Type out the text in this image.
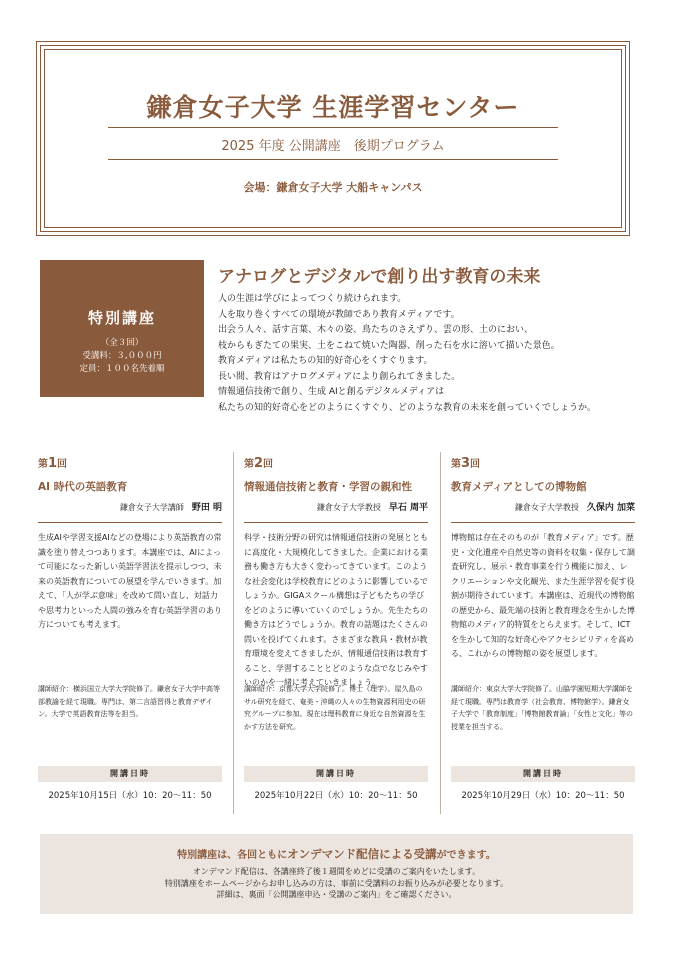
鎌倉女子大学 生涯学習センター
2025 年度 公開講座　後期プログラム
会場：鎌倉女子大学 大船キャンパス
特別講座
（全３回）
受講料：３,０００円
定員：１００名先着順
アナログとデジタルで創り出す教育の未来
人の生涯は学びによってつくり続けられます。
人を取り巻くすべての環境が教師であり教育メディアです。
出会う人々、話す言葉、木々の姿、鳥たちのさえずり、雲の形、土のにおい、
枝からもぎたての果実、土をこねて焼いた陶器、削った石を水に溶いて描いた景色。
教育メディアは私たちの知的好奇心をくすぐります。
長い間、教育はアナログメディアにより創られてきました。
情報通信技術で創り、生成 AIと創るデジタルメディアは
私たちの知的好奇心をどのようにくすぐり、どのような教育の未来を創っていくでしょうか。
第1回
AI 時代の英語教育
鎌倉女子大学講師　 野田 明
生成AIや学習支援AIなどの登場により英語教育の常識を塗り替えつつあります。本講座では、AIによって可能になった新しい英語学習法を提示しつつ、未来の英語教育についての展望を学んでいきます。加えて、「人が学ぶ意味」を改めて問い直し、対話力や思考力といった人間の強みを育む英語学習のあり方についても考えます。
講師紹介：横浜国立大学大学院修了。鎌倉女子大学中高等部教諭を経て現職。専門は、第二言語習得と教育デザイン。大学で英語教育法等を担当。
開講日時
2025年10月15日（水）10：20～11：50
第2回
情報通信技術と教育・学習の親和性
鎌倉女子大学教授　 早石 周平
科学・技術分野の研究は情報通信技術の発展とともに高度化・大規模化してきました。企業における業務も働き方も大きく変わってきています。このような社会変化は学校教育にどのように影響しているでしょうか。GIGAスクール構想は子どもたちの学びをどのように導いていくのでしょうか。先生たちの働き方はどうでしょうか。教育の話題はたくさんの問いを投げてくれます。さまざまな教具・教材が教育環境を変えてきましたが、情報通信技術は教育すること、学習することとどのような点でなじみやすいのかを一緒に考えていきましょう。
講師紹介：京都大学大学院修了。博士（理学）。屋久島のサル研究を経て、奄美・沖縄の人々の生物資源利用史の研究グループに参加。現在は理科教育に身近な自然資源を生かす方法を研究。
開講日時
2025年10月22日（水）10：20～11：50
第3回
教育メディアとしての博物館
鎌倉女子大学教授　 久保内 加菜
博物館は存在そのものが「教育メディア」です。歴史・文化遺産や自然史等の資料を収集・保存して調査研究し、展示・教育事業を行う機能に加え、レクリエーションや文化観光、また生涯学習を促す役割が期待されています。本講座は、近現代の博物館の歴史から、最先端の技術と教育理念を生かした博物館のメディア的特質をとらえます。そして、ICTを生かして知的な好奇心やアクセシビリティを高める、これからの博物館の姿を展望します。
講師紹介：東京大学大学院修了。山脇学園短期大学講師を経て現職。専門は教育学（社会教育、博物館学）。鎌倉女子大学で「教育制度」「博物館教育論」「女性と文化」等の授業を担当する。
開講日時
2025年10月29日（水）10：20～11：50
特別講座は、各回ともにオンデマンド配信による受講ができます。
オンデマンド配信は、各講座終了後１週間をめどに受講のご案内をいたします。
特別講座をホームページからお申し込みの方は、事前に受講料のお振り込みが必要となります。
詳細は、裏面「公開講座申込・受講のご案内」をご確認ください。
